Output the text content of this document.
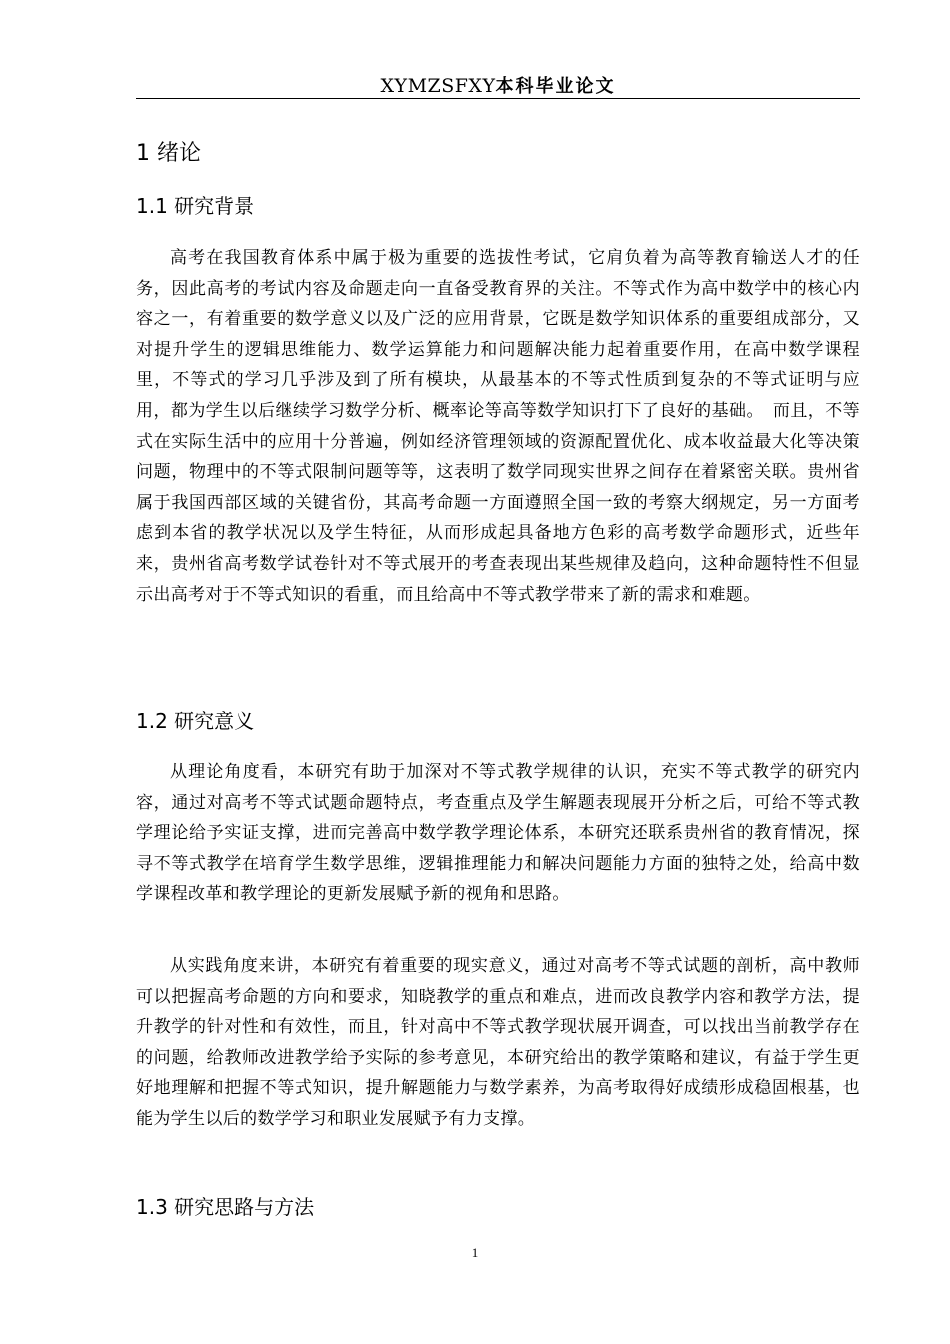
XYMZSFXY本科毕业论文
1 绪论
1.1 研究背景

高考在我国教育体系中属于极为重要的选拔性考试，它肩负着为高等教育输送人才的任务，因此高考的考试内容及命题走向一直备受教育界的关注。不等式作为高中数学中的核心内容之一，有着重要的数学意义以及广泛的应用背景，它既是数学知识体系的重要组成部分，又对提升学生的逻辑思维能力、数学运算能力和问题解决能力起着重要作用，在高中数学课程里，不等式的学习几乎涉及到了所有模块，从最基本的不等式性质到复杂的不等式证明与应用，都为学生以后继续学习数学分析、概率论等高等数学知识打下了良好的基础。　而且，不等式在实际生活中的应用十分普遍，例如经济管理领域的资源配置优化、成本收益最大化等决策问题，物理中的不等式限制问题等等，这表明了数学同现实世界之间存在着紧密关联。贵州省属于我国西部区域的关键省份，其高考命题一方面遵照全国一致的考察大纲规定，另一方面考虑到本省的教学状况以及学生特征，从而形成起具备地方色彩的高考数学命题形式，近些年来，贵州省高考数学试卷针对不等式展开的考查表现出某些规律及趋向，这种命题特性不但显示出高考对于不等式知识的看重，而且给高中不等式教学带来了新的需求和难题。

1.2 研究意义

从理论角度看，本研究有助于加深对不等式教学规律的认识，充实不等式教学的研究内容，通过对高考不等式试题命题特点，考查重点及学生解题表现展开分析之后，可给不等式教学理论给予实证支撑，进而完善高中数学教学理论体系，本研究还联系贵州省的教育情况，探寻不等式教学在培育学生数学思维，逻辑推理能力和解决问题能力方面的独特之处，给高中数学课程改革和教学理论的更新发展赋予新的视角和思路。

从实践角度来讲，本研究有着重要的现实意义，通过对高考不等式试题的剖析，高中教师可以把握高考命题的方向和要求，知晓教学的重点和难点，进而改良教学内容和教学方法，提升教学的针对性和有效性，而且，针对高中不等式教学现状展开调查，可以找出当前教学存在的问题，给教师改进教学给予实际的参考意见，本研究给出的教学策略和建议，有益于学生更好地理解和把握不等式知识，提升解题能力与数学素养，为高考取得好成绩形成稳固根基，也能为学生以后的数学学习和职业发展赋予有力支撑。

1.3 研究思路与方法
1
